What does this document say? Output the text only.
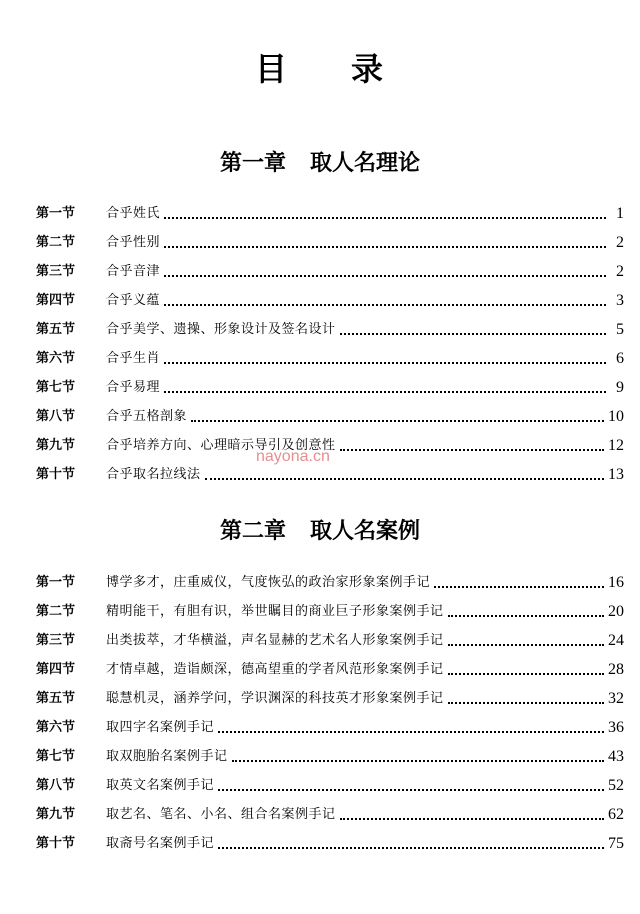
目 录
第一章 取人名理论
第一节	合乎姓氏	1
第二节	合乎性别	2
第三节	合乎音津	2
第四节	合乎义蕴	3
第五节	合乎美学、遗操、形象设计及签名设计	5
第六节	合乎生肖	6
第七节	合乎易理	9
第八节	合乎五格剖象	10
第九节	合乎培养方向、心理暗示导引及创意性	12
第十节	合乎取名拉线法	13
nayona.cn
第二章 取人名案例
第一节	博学多才，庄重威仪，气度恢弘的政治家形象案例手记	16
第二节	精明能干，有胆有识，举世瞩目的商业巨子形象案例手记	20
第三节	出类拔萃，才华横溢，声名显赫的艺术名人形象案例手记	24
第四节	才情卓越，造诣颇深，德高望重的学者风范形象案例手记	28
第五节	聪慧机灵，涵养学问，学识渊深的科技英才形象案例手记	32
第六节	取四字名案例手记	36
第七节	取双胞胎名案例手记	43
第八节	取英文名案例手记	52
第九节	取艺名、笔名、小名、组合名案例手记	62
第十节	取斋号名案例手记	75
